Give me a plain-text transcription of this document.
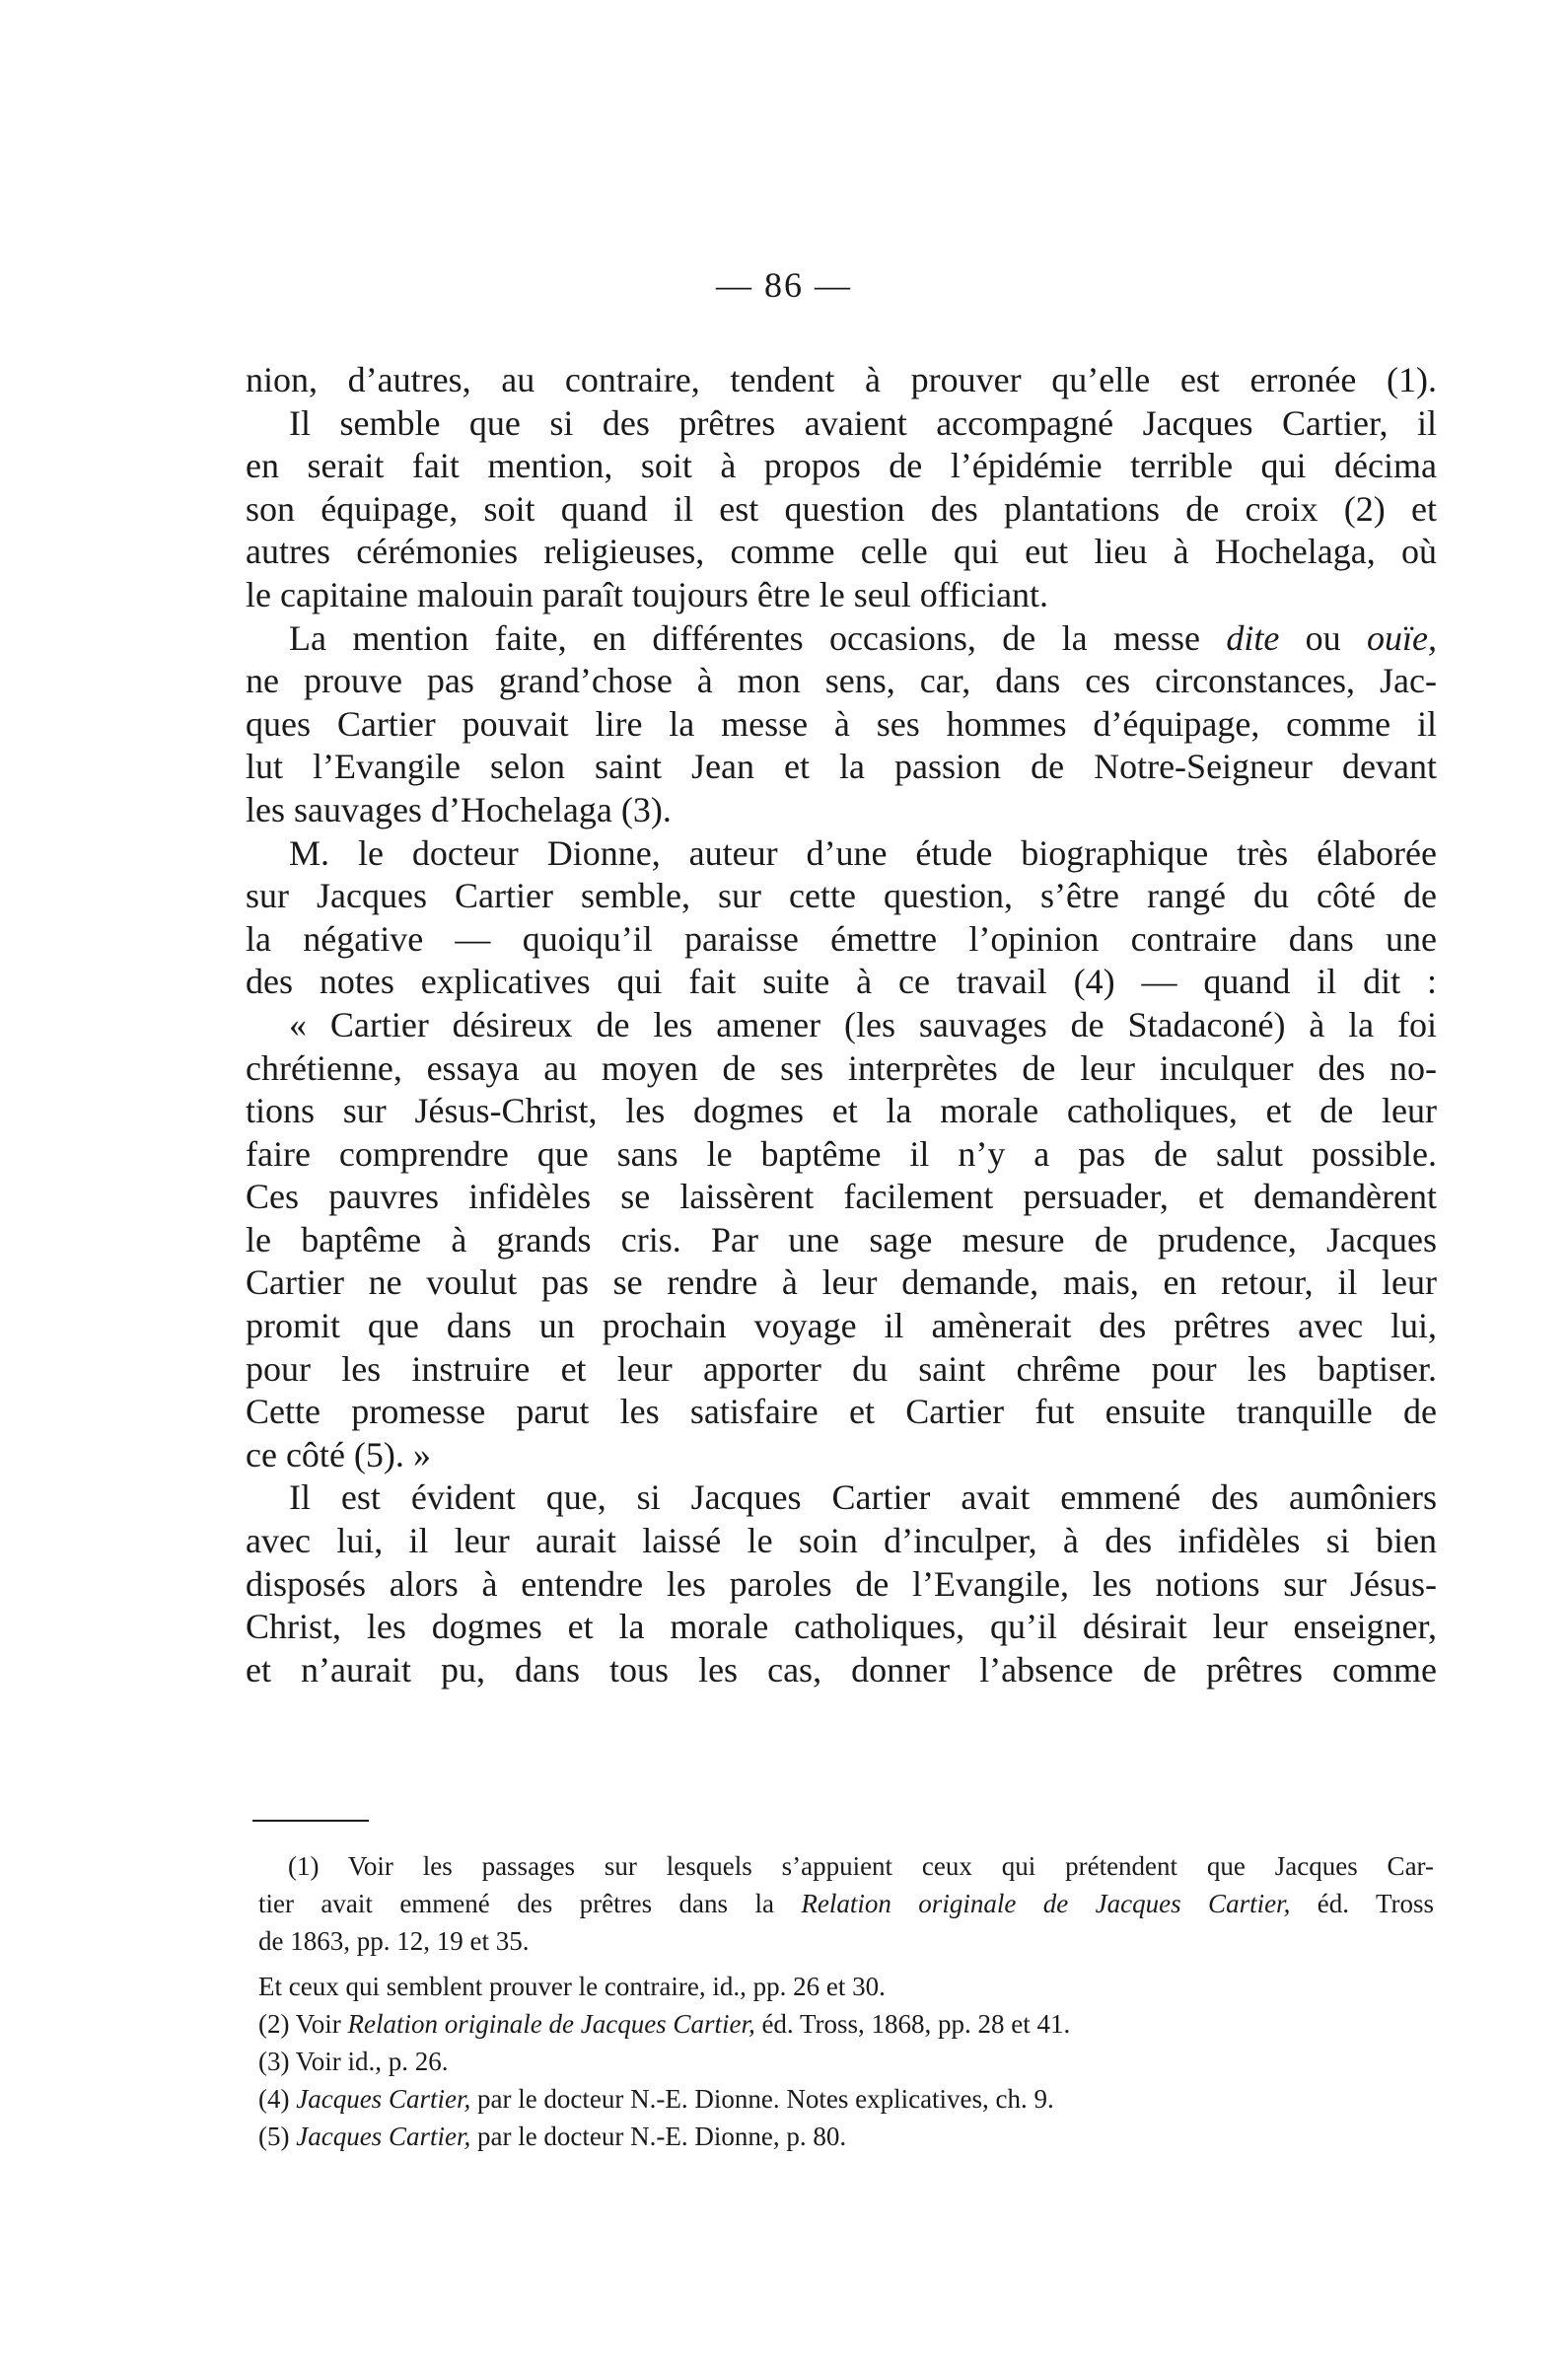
— 86 —
nion, d’autres, au contraire, tendent à prouver qu’elle est erronée (1).
Il semble que si des prêtres avaient accompagné Jacques Cartier, il
en serait fait mention, soit à propos de l’épidémie terrible qui décima
son équipage, soit quand il est question des plantations de croix (2) et
autres cérémonies religieuses, comme celle qui eut lieu à Hochelaga, où
le capitaine malouin paraît toujours être le seul officiant.
La mention faite, en différentes occasions, de la messe dite ou ouïe,
ne prouve pas grand’chose à mon sens, car, dans ces circonstances, Jac-
ques Cartier pouvait lire la messe à ses hommes d’équipage, comme il
lut l’Evangile selon saint Jean et la passion de Notre-Seigneur devant
les sauvages d’Hochelaga (3).
M. le docteur Dionne, auteur d’une étude biographique très élaborée
sur Jacques Cartier semble, sur cette question, s’être rangé du côté de
la négative — quoiqu’il paraisse émettre l’opinion contraire dans une
des notes explicatives qui fait suite à ce travail (4) — quand il dit :
« Cartier désireux de les amener (les sauvages de Stadaconé) à la foi
chrétienne, essaya au moyen de ses interprètes de leur inculquer des no-
tions sur Jésus-Christ, les dogmes et la morale catholiques, et de leur
faire comprendre que sans le baptême il n’y a pas de salut possible.
Ces pauvres infidèles se laissèrent facilement persuader, et demandèrent
le baptême à grands cris. Par une sage mesure de prudence, Jacques
Cartier ne voulut pas se rendre à leur demande, mais, en retour, il leur
promit que dans un prochain voyage il amènerait des prêtres avec lui,
pour les instruire et leur apporter du saint chrême pour les baptiser.
Cette promesse parut les satisfaire et Cartier fut ensuite tranquille de
ce côté (5). »
Il est évident que, si Jacques Cartier avait emmené des aumôniers
avec lui, il leur aurait laissé le soin d’inculper, à des infidèles si bien
disposés alors à entendre les paroles de l’Evangile, les notions sur Jésus-
Christ, les dogmes et la morale catholiques, qu’il désirait leur enseigner,
et n’aurait pu, dans tous les cas, donner l’absence de prêtres comme
(1) Voir les passages sur lesquels s’appuient ceux qui prétendent que Jacques Car-
tier avait emmené des prêtres dans la Relation originale de Jacques Cartier, éd. Tross
de 1863, pp. 12, 19 et 35.
Et ceux qui semblent prouver le contraire, id., pp. 26 et 30.
(2) Voir Relation originale de Jacques Cartier, éd. Tross, 1868, pp. 28 et 41.
(3) Voir id., p. 26.
(4) Jacques Cartier, par le docteur N.-E. Dionne. Notes explicatives, ch. 9.
(5) Jacques Cartier, par le docteur N.-E. Dionne, p. 80.
